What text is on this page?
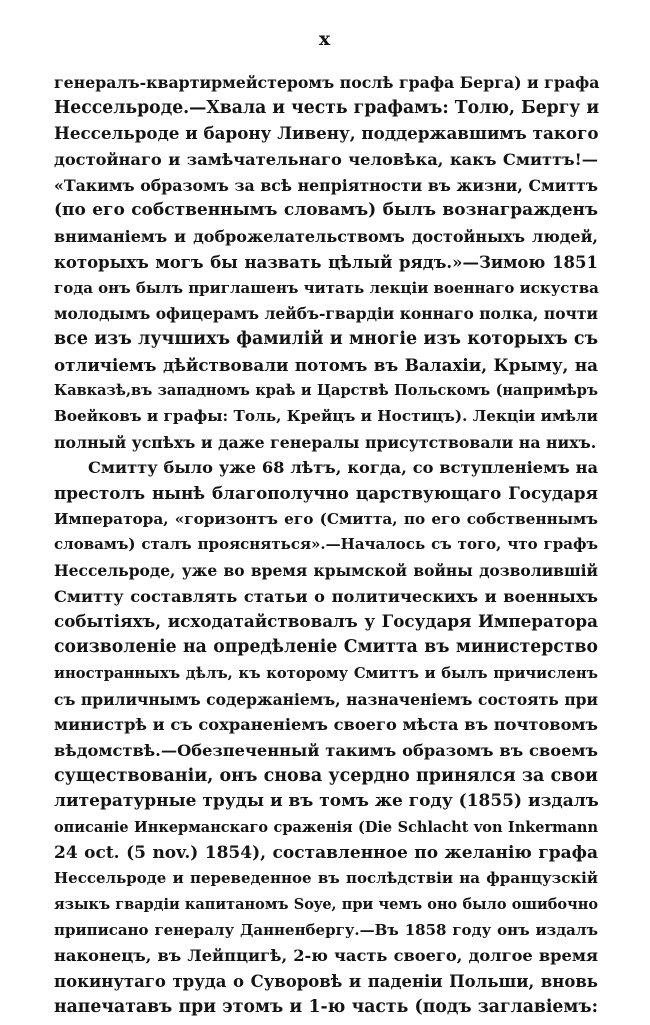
x
генералъ-квартирмейстеромъ послѣ графа Берга) и графа
Нессельроде.—Хвала и честь графамъ: Толю, Бергу и
Нессельроде и барону Ливену, поддержавшимъ такого
достойнаго и замѣчательнаго человѣка, какъ Смиттъ!—
«Такимъ образомъ за всѣ непріятности въ жизни, Смиттъ
(по его собственнымъ словамъ) былъ вознагражденъ
вниманіемъ и доброжелательствомъ достойныхъ людей,
которыхъ могъ бы назвать цѣлый рядъ.»—Зимою 1851
года онъ былъ приглашенъ читать лекціи военнаго искуства
молодымъ офицерамъ лейбъ-гвардіи коннаго полка, почти
все изъ лучшихъ фамилій и многіе изъ которыхъ съ
отличіемъ дѣйствовали потомъ въ Валахіи, Крыму, на
Кавказѣ,въ западномъ краѣ и Царствѣ Польскомъ (напримѣръ
Воейковъ и графы: Толь, Крейцъ и Ностицъ). Лекціи имѣли
полный успѣхъ и даже генералы присутствовали на нихъ.
Смитту было уже 68 лѣтъ, когда, со вступленіемъ на
престолъ нынѣ благополучно царствующаго Государя
Императора, «горизонтъ его (Смитта, по его собственнымъ
словамъ) сталъ проясняться».—Началось съ того, что графъ
Нессельроде, уже во время крымской войны дозволившій
Смитту составлять статьи о политическихъ и военныхъ
событіяхъ, исходатайствовалъ у Государя Императора
соизволеніе на опредѣленіе Смитта въ министерство
иностранныхъ дѣлъ, къ которому Смиттъ и былъ причисленъ
съ приличнымъ содержаніемъ, назначеніемъ состоять при
министрѣ и съ сохраненіемъ своего мѣста въ почтовомъ
вѣдомствѣ.—Обезпеченный такимъ образомъ въ своемъ
существованіи, онъ снова усердно принялся за свои
литературные труды и въ томъ же году (1855) издалъ
описаніе Инкерманскаго сраженія (Die Schlacht von Inkermann
24 oct. (5 nov.) 1854), составленное по желанію графа
Нессельроде и переведенное въ послѣдствіи на французскій
языкъ гвардіи капитаномъ Soye, при чемъ оно было ошибочно
приписано генералу Данненбергу.—Въ 1858 году онъ издалъ
наконецъ, въ Лейпцигѣ, 2-ю часть своего, долгое время
покинутаго труда о Суворовѣ и паденіи Польши, вновь
напечатавъ при этомъ и 1-ю часть (подъ заглавіемъ:
